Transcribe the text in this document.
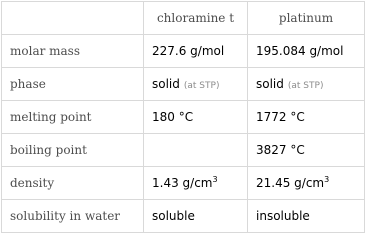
	chloramine t	platinum
molar mass	227.6 g/mol	195.084 g/mol
phase	solid (at STP)	solid (at STP)
melting point	180 °C	1772 °C
boiling point		3827 °C
density	1.43 $g/cm^3$	21.45 $g/cm^3$
solubility in water	soluble	insoluble
